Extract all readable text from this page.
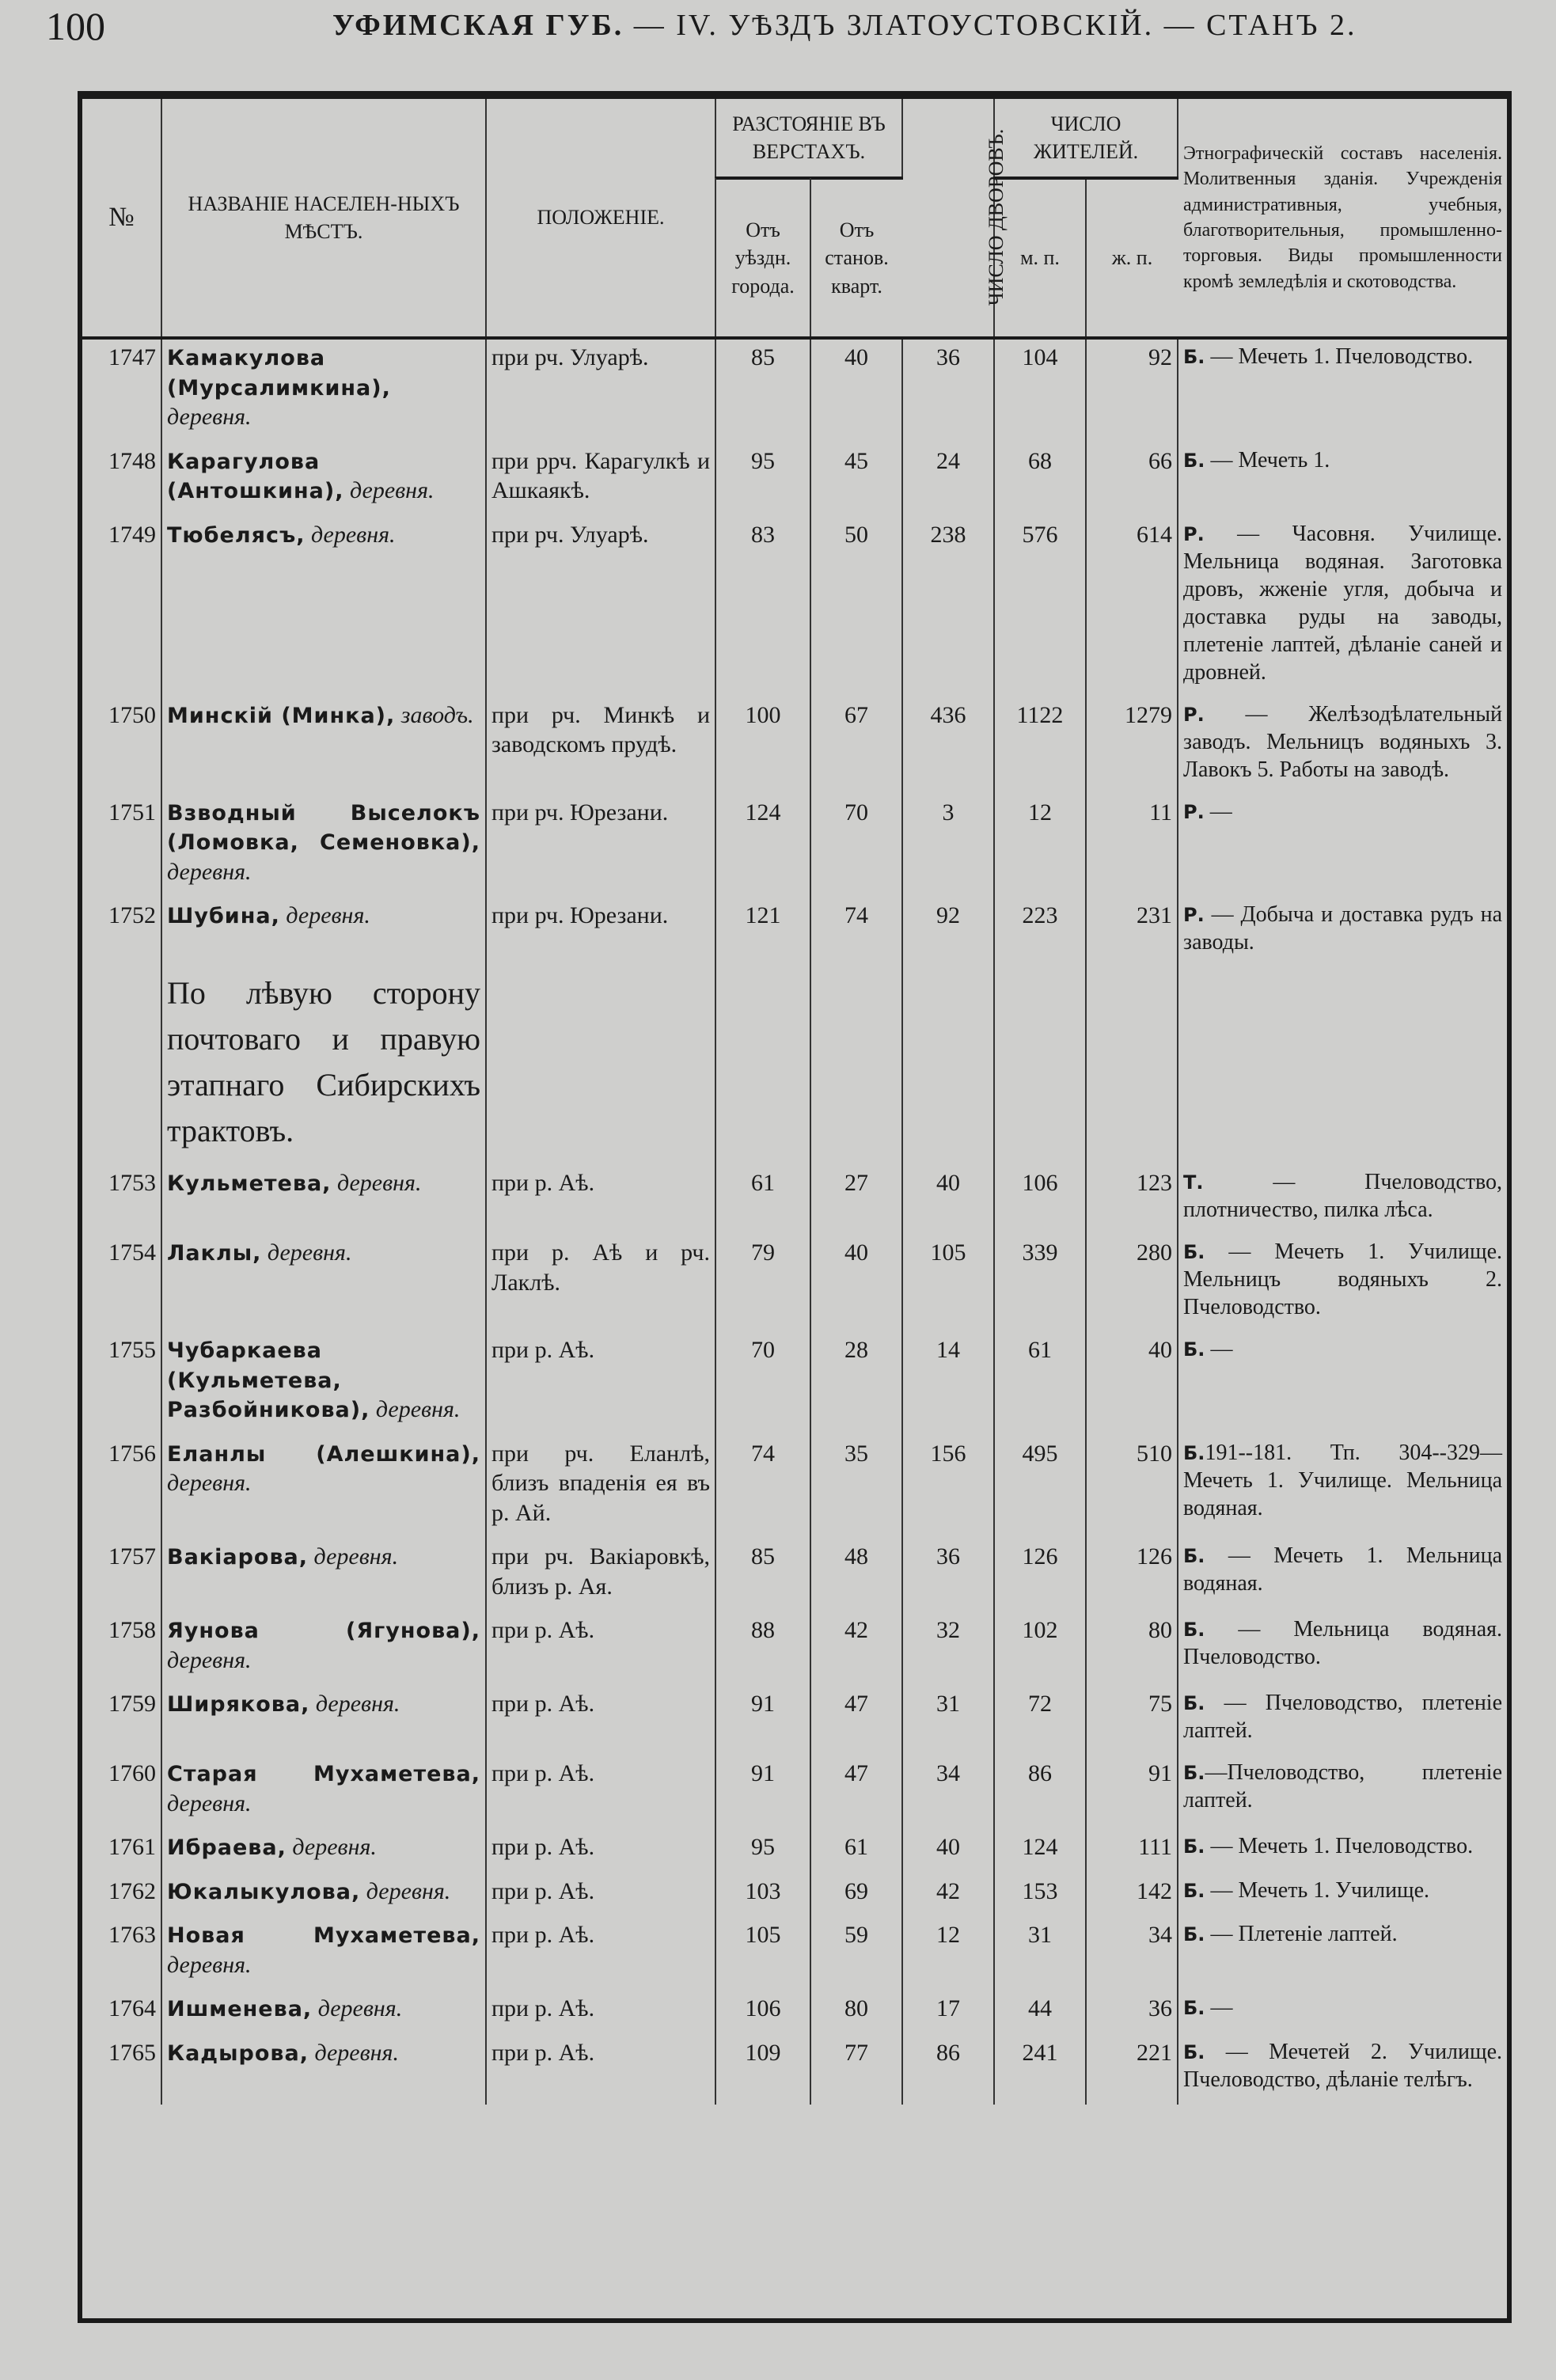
100	УФИМСКАЯ ГУБ. — IV. УѢЗДЪ ЗЛАТОУСТОВСКІЙ. — СТАНЪ 2.
№	НАЗВАНІЕ НАСЕЛЕН-НЫХЪ МѢСТЪ.	ПОЛОЖЕНІЕ.	РАЗСТОЯНІЕ ВЪ ВЕРСТАХЪ.		ЧИСЛО ДВОРОВЪ.	ЧИСЛО ЖИТЕЛЕЙ.		Этнографическій составъ населенія. Молитвенныя зданія. Учрежденія административныя, учебныя, благотворительныя, промышленно-торговыя. Виды промышленности кромѣ земледѣлія и скотоводства.
			Отъ уѣздн. города.	Отъ станов. кварт.				
						м. п.	ж. п.	
1747	Камакулова (Мурсалимкина), деревня.	при рч. Улуарѣ.	85	40	36	104	92	Б. — Мечеть 1. Пчеловодство.
1748	Карагулова (Антошкина), деревня.	при ррч. Карагулкѣ и Ашкаякѣ.	95	45	24	68	66	Б. — Мечеть 1.
1749	Тюбелясъ, деревня.	при рч. Улуарѣ.	83	50	238	576	614	Р. — Часовня. Училище. Мельница водяная. Заготовка дровъ, жженіе угля, добыча и доставка руды на заводы, плетеніе лаптей, дѣланіе саней и дровней.
1750	Минскій (Минка), заводъ.	при рч. Минкѣ и заводскомъ прудѣ.	100	67	436	1122	1279	Р. — Желѣзодѣлательный заводъ. Мельницъ водяныхъ 3. Лавокъ 5. Работы на заводѣ.
1751	Взводный Выселокъ (Ломовка, Семеновка), деревня.	при рч. Юрезани.	124	70	3	12	11	Р. —
1752	Шубина, деревня.	при рч. Юрезани.	121	74	92	223	231	Р. — Добыча и доставка рудъ на заводы.
	По лѣвую сторону почтоваго и правую этапнаго Сибирскихъ трактовъ.							
1753	Кульметева, деревня.	при р. Аѣ.	61	27	40	106	123	Т. — Пчеловодство, плотничество, пилка лѣса.
1754	Лаклы, деревня.	при р. Аѣ и рч. Лаклѣ.	79	40	105	339	280	Б. — Мечеть 1. Училище. Мельницъ водяныхъ 2. Пчеловодство.
1755	Чубаркаева (Кульметева, Разбойникова), деревня.	при р. Аѣ.	70	28	14	61	40	Б. —
1756	Еланлы (Алешкина), деревня.	при рч. Еланлѣ, близъ впаденія ея въ р. Ай.	74	35	156	495	510	Б.191--181. Тп. 304--329— Мечеть 1. Училище. Мельница водяная.
1757	Вакіарова, деревня.	при рч. Вакіаровкѣ, близъ р. Ая.	85	48	36	126	126	Б. — Мечеть 1. Мельница водяная.
1758	Яунова (Ягунова), деревня.	при р. Аѣ.	88	42	32	102	80	Б. — Мельница водяная. Пчеловодство.
1759	Ширякова, деревня.	при р. Аѣ.	91	47	31	72	75	Б. — Пчеловодство, плетеніе лаптей.
1760	Старая Мухаметева, деревня.	при р. Аѣ.	91	47	34	86	91	Б.—Пчеловодство, плетеніе лаптей.
1761	Ибраева, деревня.	при р. Аѣ.	95	61	40	124	111	Б. — Мечеть 1. Пчеловодство.
1762	Юкалыкулова, деревня.	при р. Аѣ.	103	69	42	153	142	Б. — Мечеть 1. Училище.
1763	Новая Мухаметева, деревня.	при р. Аѣ.	105	59	12	31	34	Б. — Плетеніе лаптей.
1764	Ишменева, деревня.	при р. Аѣ.	106	80	17	44	36	Б. —
1765	Кадырова, деревня.	при р. Аѣ.	109	77	86	241	221	Б. — Мечетей 2. Училище. Пчеловодство, дѣланіе телѣгъ.
